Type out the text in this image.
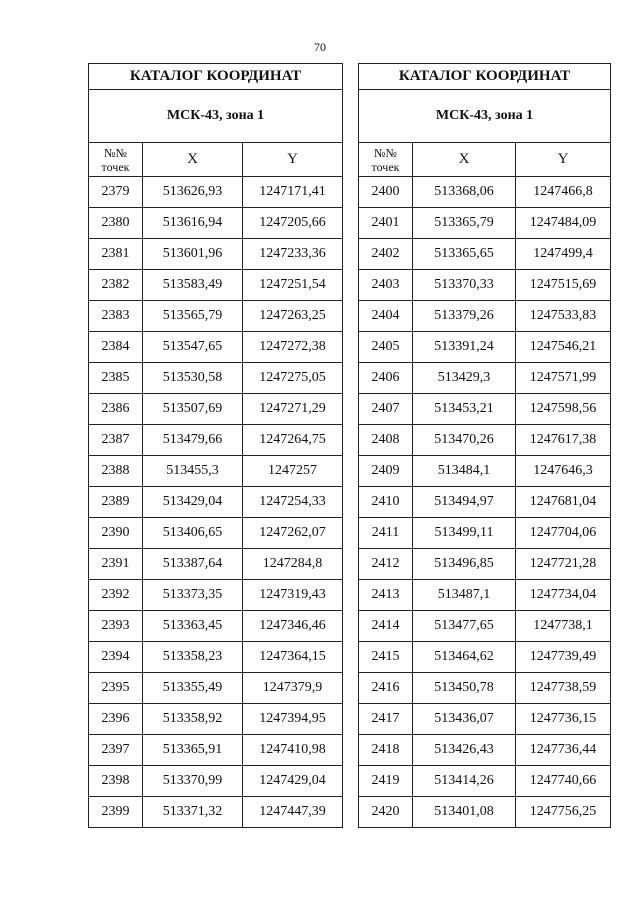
70
КАТАЛОГ КООРДИНАТ		
МСК-43, зона 1		
№№
точек	X	Y
2379	513626,93	1247171,41
2380	513616,94	1247205,66
2381	513601,96	1247233,36
2382	513583,49	1247251,54
2383	513565,79	1247263,25
2384	513547,65	1247272,38
2385	513530,58	1247275,05
2386	513507,69	1247271,29
2387	513479,66	1247264,75
2388	513455,3	1247257
2389	513429,04	1247254,33
2390	513406,65	1247262,07
2391	513387,64	1247284,8
2392	513373,35	1247319,43
2393	513363,45	1247346,46
2394	513358,23	1247364,15
2395	513355,49	1247379,9
2396	513358,92	1247394,95
2397	513365,91	1247410,98
2398	513370,99	1247429,04
2399	513371,32	1247447,39
КАТАЛОГ КООРДИНАТ		
МСК-43, зона 1		
№№
точек	X	Y
2400	513368,06	1247466,8
2401	513365,79	1247484,09
2402	513365,65	1247499,4
2403	513370,33	1247515,69
2404	513379,26	1247533,83
2405	513391,24	1247546,21
2406	513429,3	1247571,99
2407	513453,21	1247598,56
2408	513470,26	1247617,38
2409	513484,1	1247646,3
2410	513494,97	1247681,04
2411	513499,11	1247704,06
2412	513496,85	1247721,28
2413	513487,1	1247734,04
2414	513477,65	1247738,1
2415	513464,62	1247739,49
2416	513450,78	1247738,59
2417	513436,07	1247736,15
2418	513426,43	1247736,44
2419	513414,26	1247740,66
2420	513401,08	1247756,25
